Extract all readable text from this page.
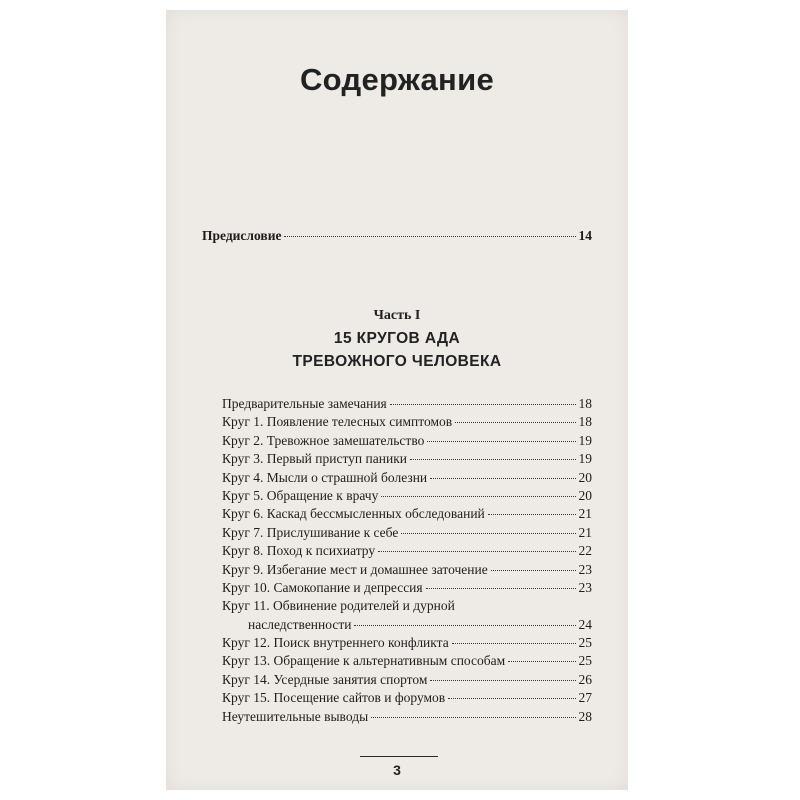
Содержание
Предисловие	14
Часть I
15 КРУГОВ АДА
ТРЕВОЖНОГО ЧЕЛОВЕКА
Предварительные замечания	18
Круг 1. Появление телесных симптомов	18
Круг 2. Тревожное замешательство	19
Круг 3. Первый приступ паники	19
Круг 4. Мысли о страшной болезни	20
Круг 5. Обращение к врачу	20
Круг 6. Каскад бессмысленных обследований	21
Круг 7. Прислушивание к себе	21
Круг 8. Поход к психиатру	22
Круг 9. Избегание мест и домашнее заточение	23
Круг 10. Самокопание и депрессия	23
Круг 11. Обвинение родителей и дурной
наследственности	24
Круг 12. Поиск внутреннего конфликта	25
Круг 13. Обращение к альтернативным способам	25
Круг 14. Усердные занятия спортом	26
Круг 15. Посещение сайтов и форумов	27
Неутешительные выводы	28
3
